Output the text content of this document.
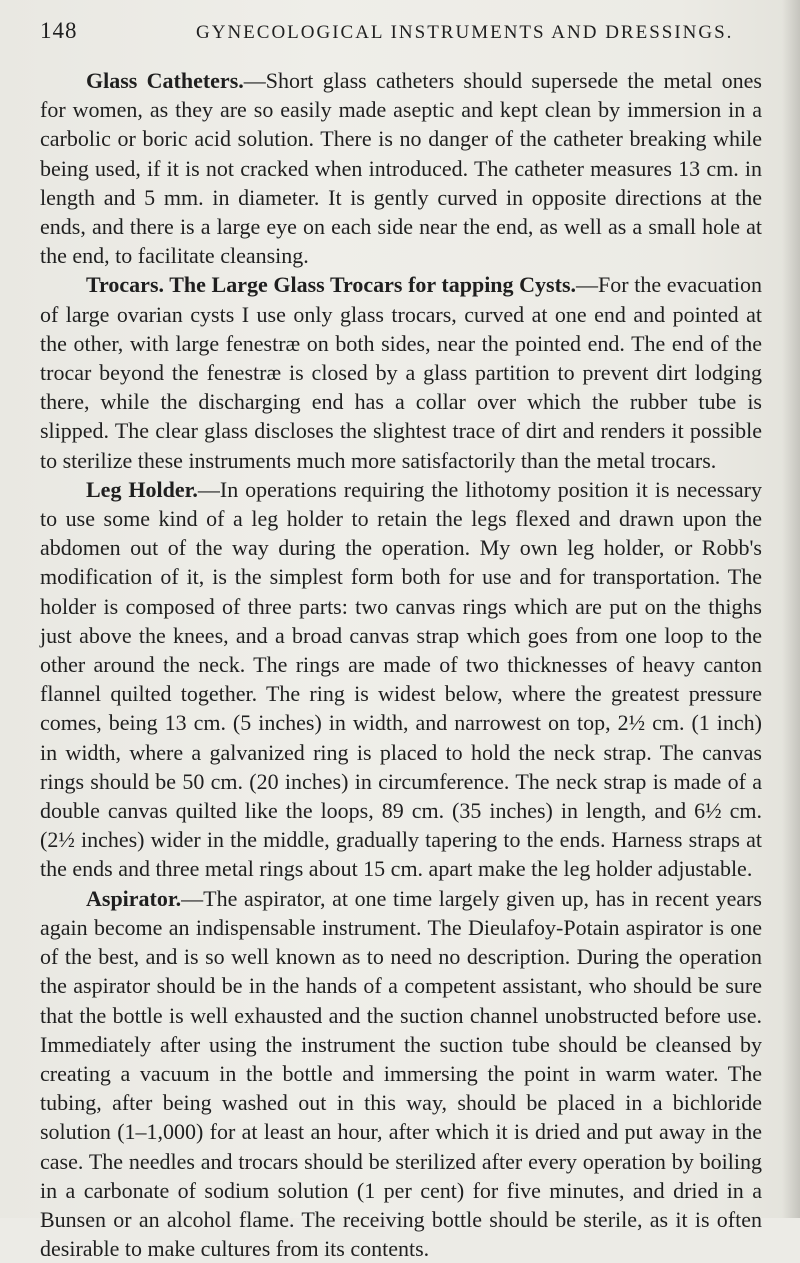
148	GYNECOLOGICAL INSTRUMENTS AND DRESSINGS.

Glass Catheters.—Short glass catheters should supersede the metal ones for women, as they are so easily made aseptic and kept clean by immersion in a carbolic or boric acid solution. There is no danger of the catheter breaking while being used, if it is not cracked when introduced. The catheter measures 13 cm. in length and 5 mm. in diameter. It is gently curved in opposite directions at the ends, and there is a large eye on each side near the end, as well as a small hole at the end, to facilitate cleansing.

Trocars. The Large Glass Trocars for tapping Cysts.—For the evacuation of large ovarian cysts I use only glass trocars, curved at one end and pointed at the other, with large fenestræ on both sides, near the pointed end. The end of the trocar beyond the fenestræ is closed by a glass partition to prevent dirt lodging there, while the discharging end has a collar over which the rubber tube is slipped. The clear glass discloses the slightest trace of dirt and renders it possible to sterilize these instruments much more satisfactorily than the metal trocars.

Leg Holder.—In operations requiring the lithotomy position it is necessary to use some kind of a leg holder to retain the legs flexed and drawn upon the abdomen out of the way during the operation. My own leg holder, or Robb's modification of it, is the simplest form both for use and for transportation. The holder is composed of three parts: two canvas rings which are put on the thighs just above the knees, and a broad canvas strap which goes from one loop to the other around the neck. The rings are made of two thicknesses of heavy canton flannel quilted together. The ring is widest below, where the greatest pressure comes, being 13 cm. (5 inches) in width, and narrowest on top, 2½ cm. (1 inch) in width, where a galvanized ring is placed to hold the neck strap. The canvas rings should be 50 cm. (20 inches) in circumference. The neck strap is made of a double canvas quilted like the loops, 89 cm. (35 inches) in length, and 6½ cm. (2½ inches) wider in the middle, gradually tapering to the ends. Harness straps at the ends and three metal rings about 15 cm. apart make the leg holder adjustable.

Aspirator.—The aspirator, at one time largely given up, has in recent years again become an indispensable instrument. The Dieulafoy-Potain aspirator is one of the best, and is so well known as to need no description. During the operation the aspirator should be in the hands of a competent assistant, who should be sure that the bottle is well exhausted and the suction channel unobstructed before use. Immediately after using the instrument the suction tube should be cleansed by creating a vacuum in the bottle and immersing the point in warm water. The tubing, after being washed out in this way, should be placed in a bichloride solution (1–1,000) for at least an hour, after which it is dried and put away in the case. The needles and trocars should be sterilized after every operation by boiling in a carbonate of sodium solution (1 per cent) for five minutes, and dried in a Bunsen or an alcohol flame. The receiving bottle should be sterile, as it is often desirable to make cultures from its contents.
